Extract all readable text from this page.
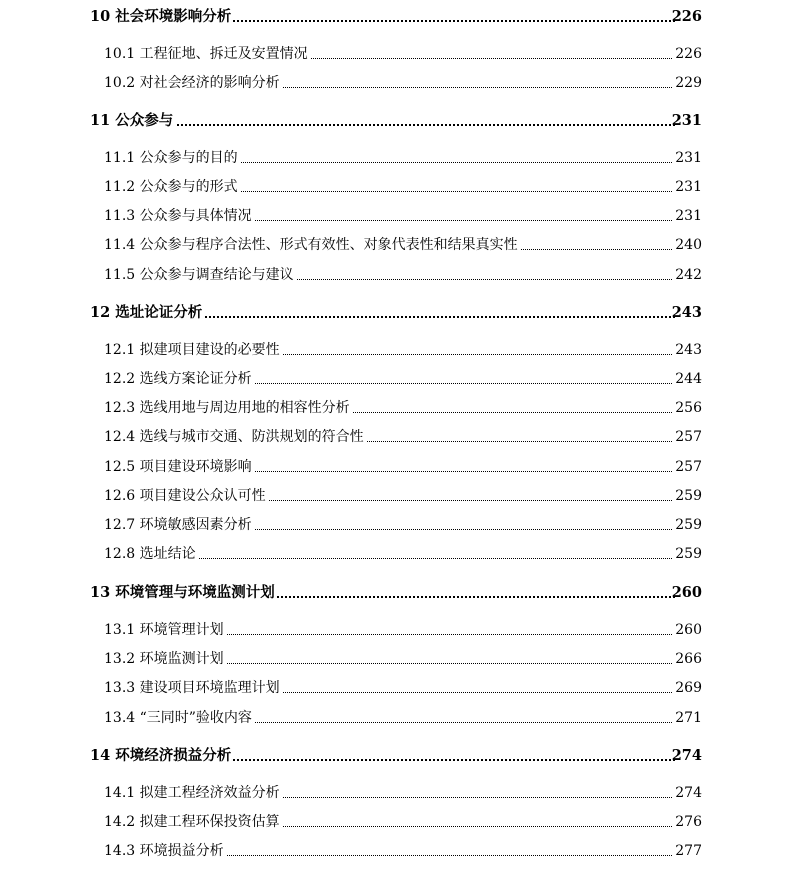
10 社会环境影响分析	226
10.1 工程征地、拆迁及安置情况	226
10.2 对社会经济的影响分析	229
11 公众参与	231
11.1 公众参与的目的	231
11.2 公众参与的形式	231
11.3 公众参与具体情况	231
11.4 公众参与程序合法性、形式有效性、对象代表性和结果真实性	240
11.5 公众参与调查结论与建议	242
12 选址论证分析	243
12.1 拟建项目建设的必要性	243
12.2 选线方案论证分析	244
12.3 选线用地与周边用地的相容性分析	256
12.4 选线与城市交通、防洪规划的符合性	257
12.5 项目建设环境影响	257
12.6 项目建设公众认可性	259
12.7 环境敏感因素分析	259
12.8 选址结论	259
13 环境管理与环境监测计划	260
13.1 环境管理计划	260
13.2 环境监测计划	266
13.3 建设项目环境监理计划	269
13.4 “三同时”验收内容	271
14 环境经济损益分析	274
14.1 拟建工程经济效益分析	274
14.2 拟建工程环保投资估算	276
14.3 环境损益分析	277
